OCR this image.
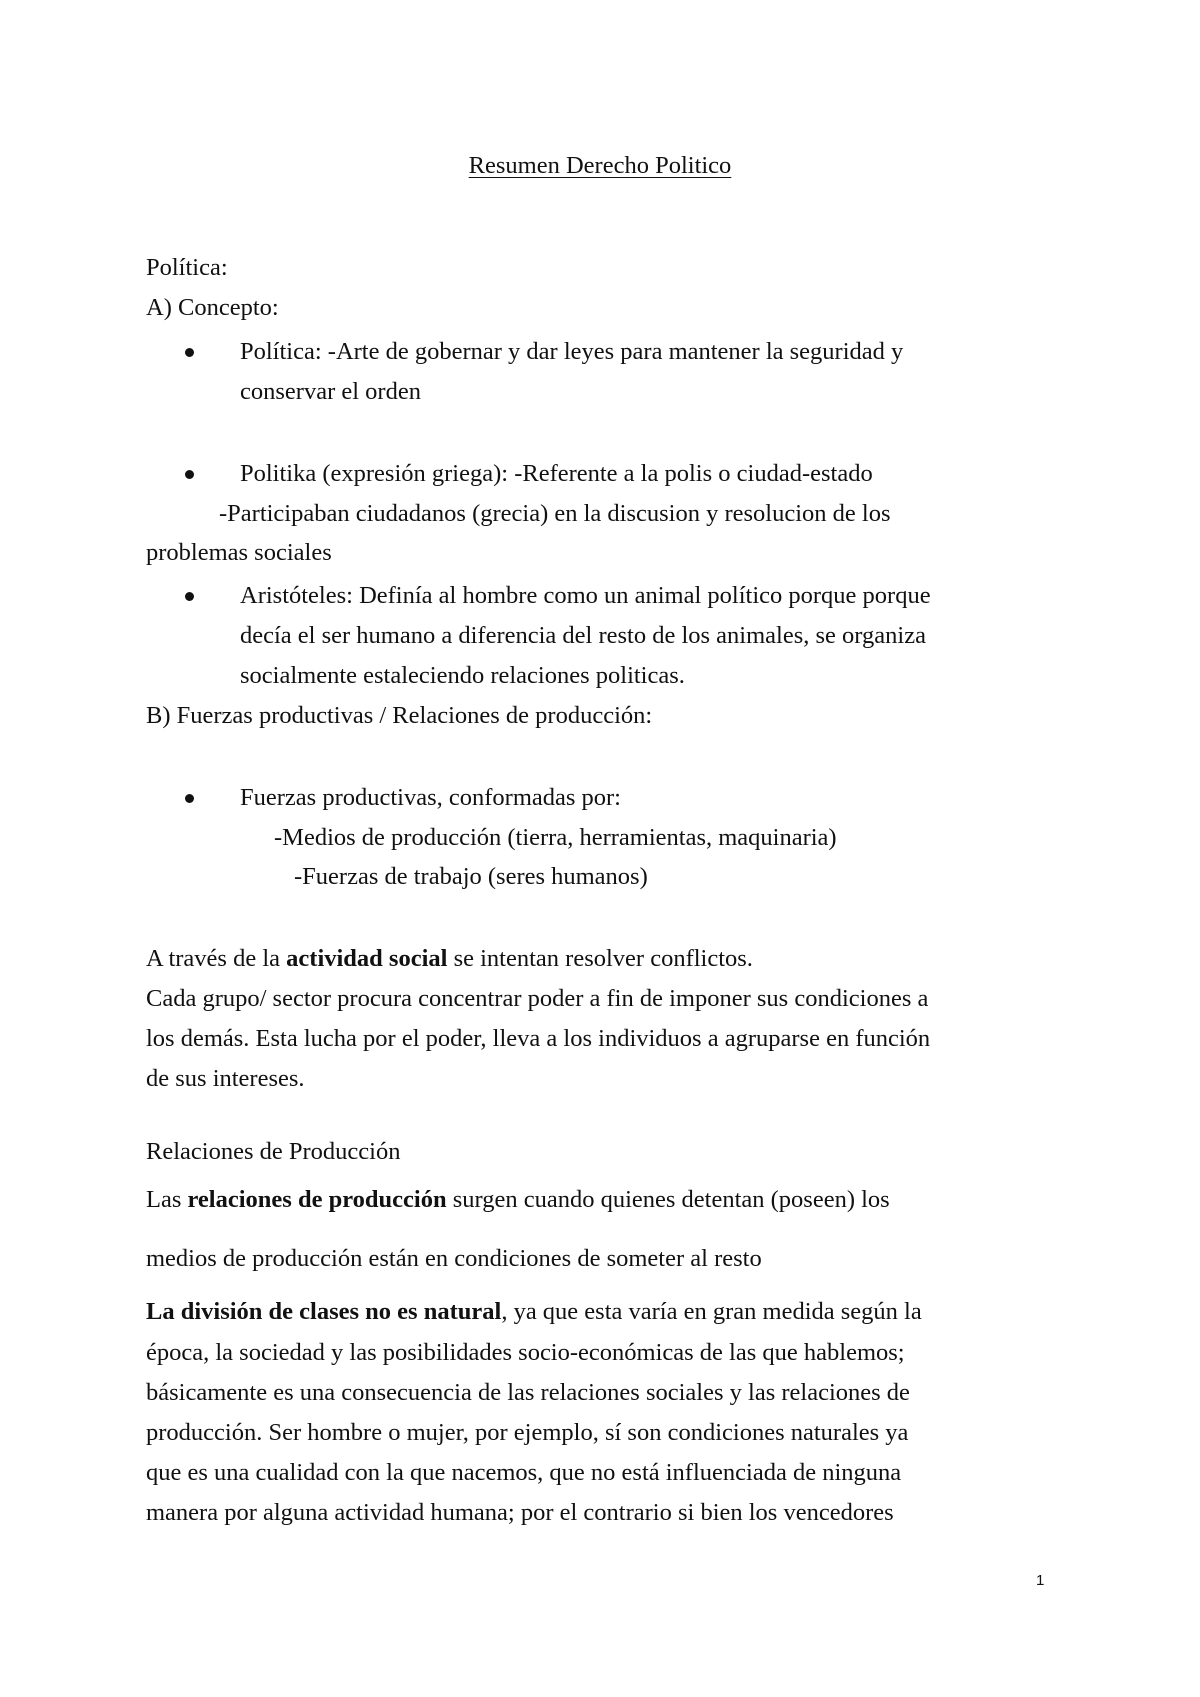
Resumen Derecho Politico
Política:
A) Concepto:
Política: -Arte de gobernar y dar leyes para mantener la seguridad y
conservar el orden
Politika (expresión griega): -Referente a la polis o ciudad-estado
-Participaban ciudadanos (grecia) en la discusion y resolucion de los
problemas sociales
Aristóteles: Definía al hombre como un animal político porque porque
decía el ser humano a diferencia del resto de los animales, se organiza
socialmente estaleciendo relaciones politicas.
B) Fuerzas productivas / Relaciones de producción:
Fuerzas productivas, conformadas por:
-Medios de producción (tierra, herramientas, maquinaria)
-Fuerzas de trabajo (seres humanos)
A través de la actividad social se intentan resolver conflictos.
Cada grupo/ sector procura concentrar poder a fin de imponer sus condiciones a
los demás. Esta lucha por el poder, lleva a los individuos a agruparse en función
de sus intereses.
Relaciones de Producción
Las relaciones de producción surgen cuando quienes detentan (poseen) los
medios de producción están en condiciones de someter al resto
La división de clases no es natural, ya que esta varía en gran medida según la
época, la sociedad y las posibilidades socio-económicas de las que hablemos;
básicamente es una consecuencia de las relaciones sociales y las relaciones de
producción. Ser hombre o mujer, por ejemplo, sí son condiciones naturales ya
que es una cualidad con la que nacemos, que no está influenciada de ninguna
manera por alguna actividad humana; por el contrario si bien los vencedores
1
